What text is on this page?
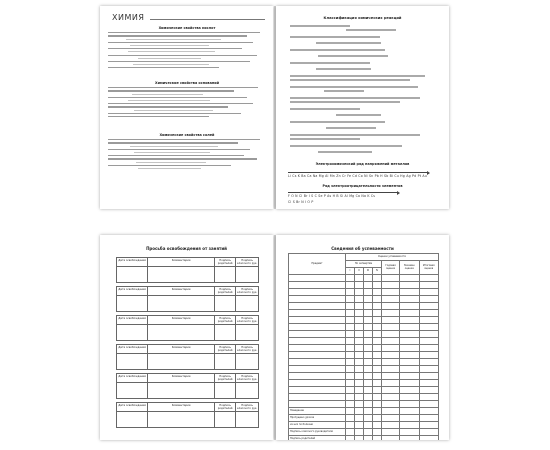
ХИМИЯ
Химические свойства кислот
Химические свойства оснований
Химические свойства солей
Классификация химических реакций
Электрохимический ряд напряжений металлов
Li Cs K Ba Ca Na Mg Al Mn Zn Cr Fe Cd Co Ni Sn Pb H Sb Bi Cu Hg Ag Pd Pt Au
Ряд электроотрицательности элементов
F O N Cl Br I S C Se P As H B Si Al Mg Ca Na K Cs
Cl S Br N I O P
Просьба освобождения от занятий
Дата освобождения	Комментарии	Подпись родителей	Подпись классного рук.

Дата освобождения	Комментарии	Подпись родителей	Подпись классного рук.

Дата освобождения	Комментарии	Подпись родителей	Подпись классного рук.

Дата освобождения	Комментарии	Подпись родителей	Подпись классного рук.

Дата освобождения	Комментарии	Подпись родителей	Подпись классного рук.

Дата освобождения	Комментарии	Подпись родителей	Подпись классного рук.

Сведения об успеваемости
Предмет	Оценки успеваемости						
	По четвертям				Годовая оценка	Экзамен оценка	Итоговая оценка
	I	II	III	IV			

Поведение							
Пропущено уроков							
из них по болезни							
Подпись классного руководителя							
Подпись родителей							
